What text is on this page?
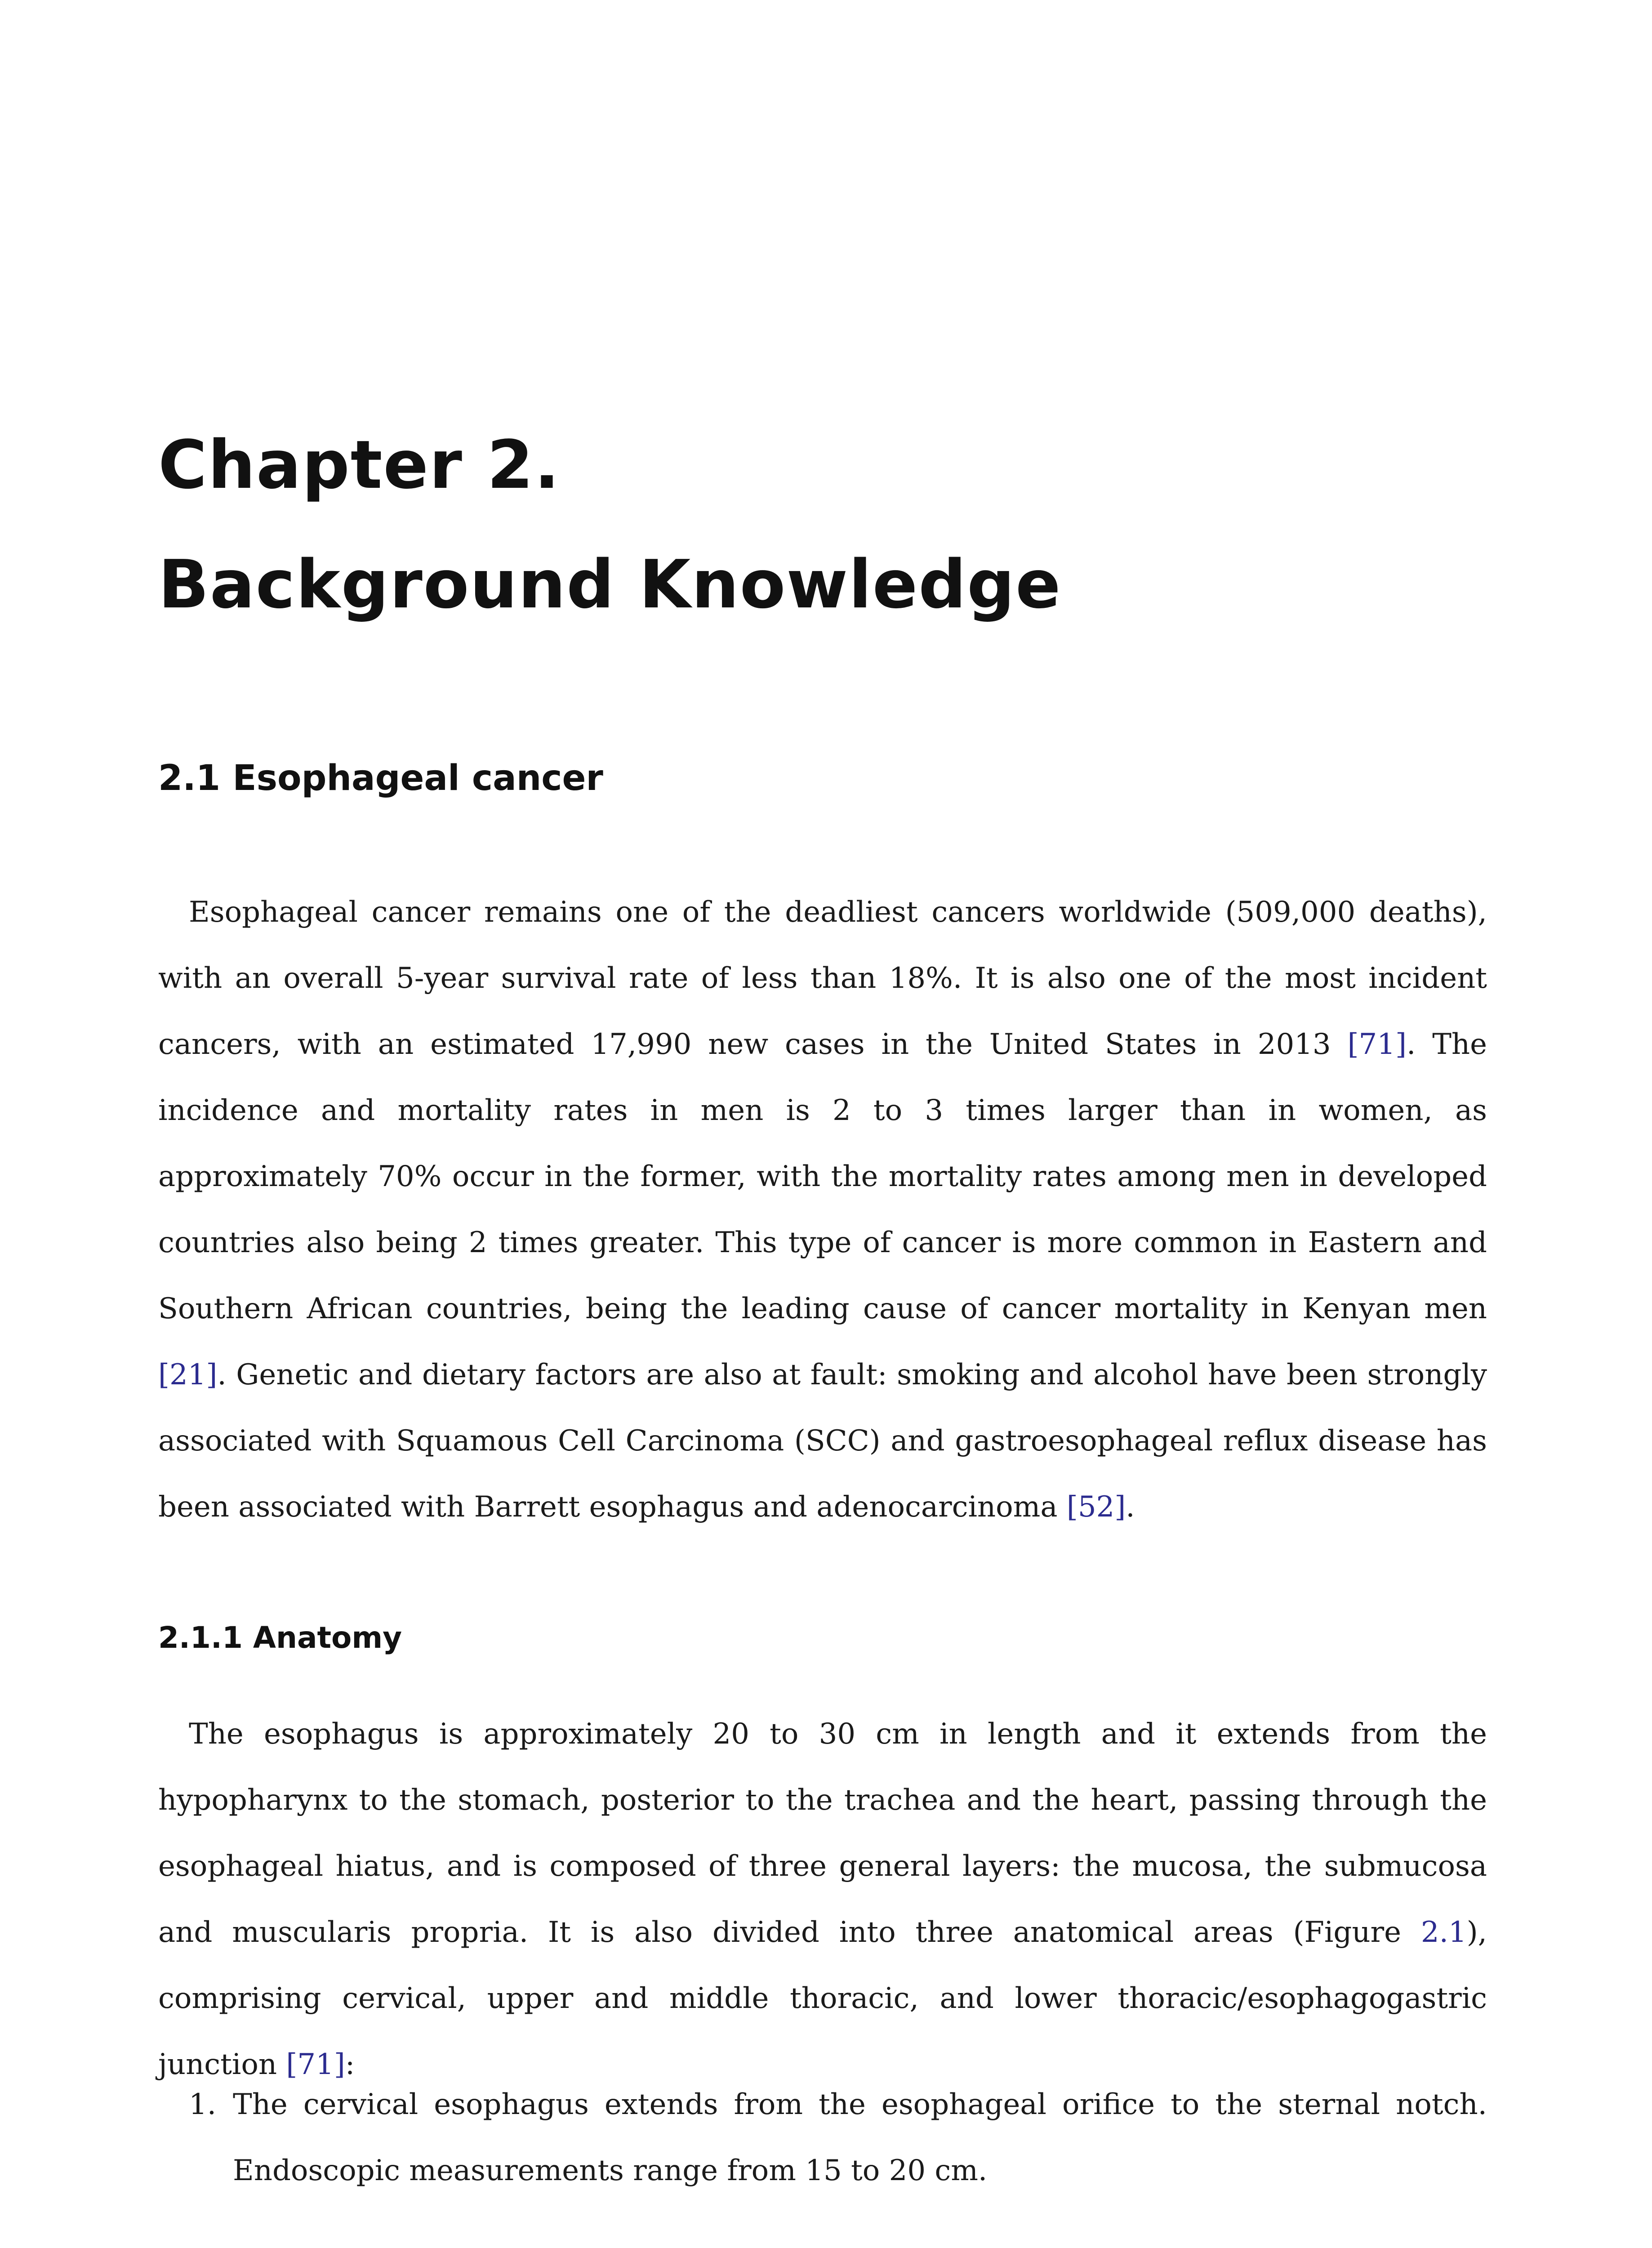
Chapter 2.
Background Knowledge
2.1 Esophageal cancer

Esophageal cancer remains one of the deadliest cancers worldwide (509,000 deaths), with an overall 5-year survival rate of less than 18%. It is also one of the most incident cancers, with an estimated 17,990 new cases in the United States in 2013 [71]. The incidence and mortality rates in men is 2 to 3 times larger than in women, as approximately 70% occur in the former, with the mortality rates among men in developed countries also being 2 times greater. This type of cancer is more common in Eastern and Southern African countries, being the leading cause of cancer mortality in Kenyan men [21]. Genetic and dietary factors are also at fault: smoking and alcohol have been strongly associated with Squamous Cell Carcinoma (SCC) and gastroesophageal reflux disease has been associated with Barrett esophagus and adenocarcinoma [52].

2.1.1 Anatomy

The esophagus is approximately 20 to 30 cm in length and it extends from the hypopharynx to the stomach, posterior to the trachea and the heart, passing through the esophageal hiatus, and is composed of three general layers: the mucosa, the submucosa and muscularis propria. It is also divided into three anatomical areas (Figure 2.1), comprising cervical, upper and middle thoracic, and lower thoracic/esophagogastric junction [71]:

1. The cervical esophagus extends from the esophageal orifice to the sternal notch. Endoscopic measurements range from 15 to 20 cm.
